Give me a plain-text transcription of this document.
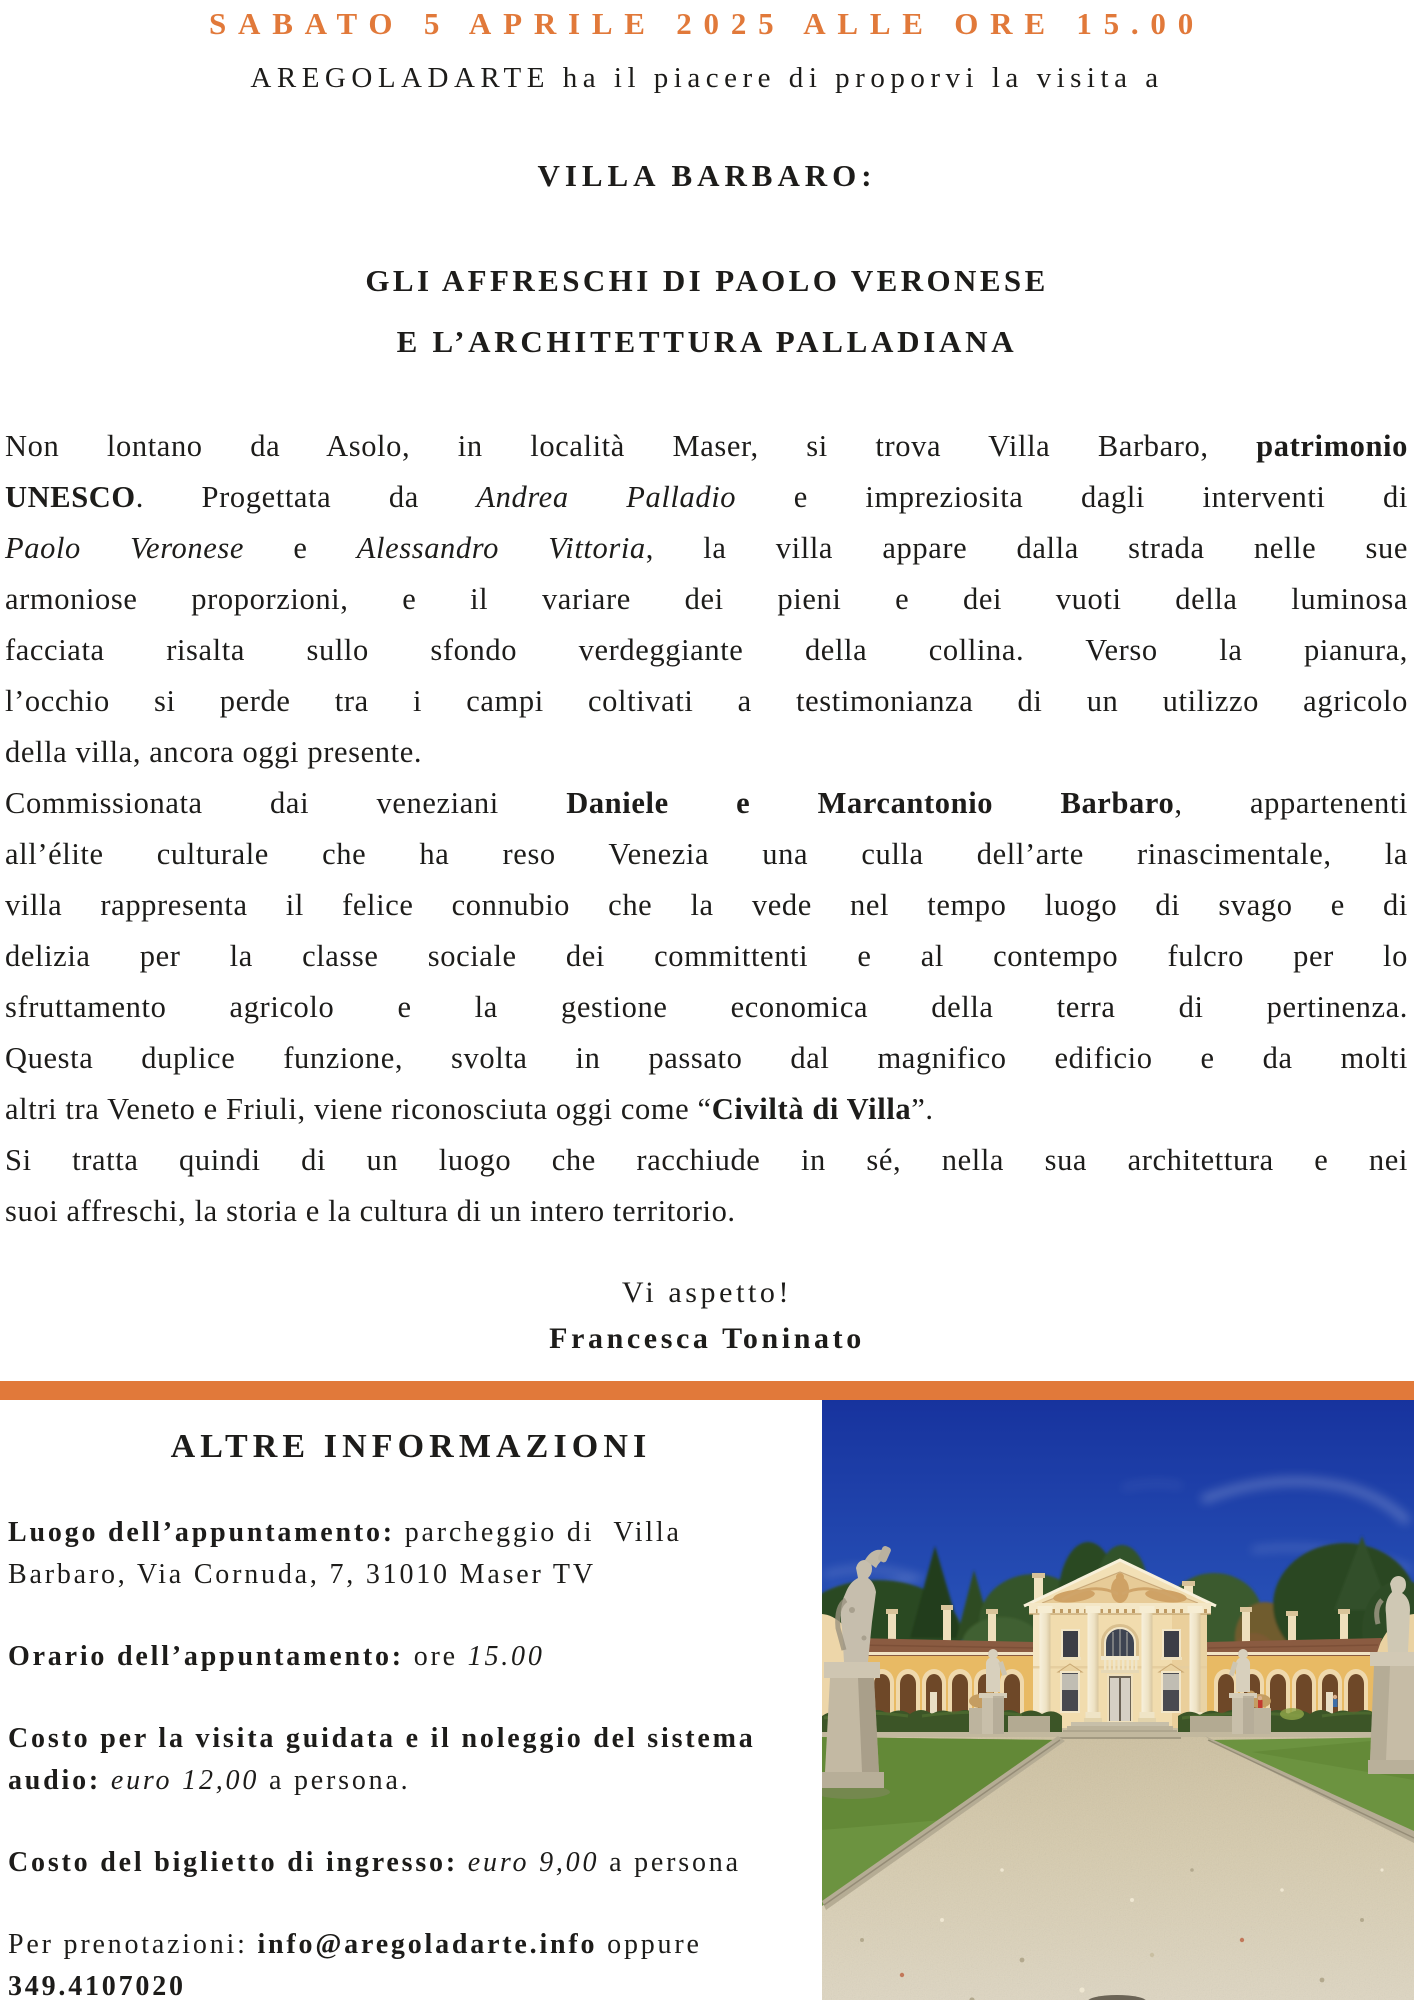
SABATO 5 APRILE 2025 ALLE ORE 15.00
AREGOLADARTE ha il piacere di proporvi la visita a
VILLA BARBARO:
GLI AFFRESCHI DI PAOLO VERONESE
E L’ARCHITETTURA PALLADIANA
Non lontano da Asolo, in località Maser, si trova Villa Barbaro, patrimonio
UNESCO. Progettata da Andrea Palladio e impreziosita dagli interventi di
Paolo Veronese e Alessandro Vittoria, la villa appare dalla strada nelle sue
armoniose proporzioni, e il variare dei pieni e dei vuoti della luminosa
facciata risalta sullo sfondo verdeggiante della collina. Verso la pianura,
l’occhio si perde tra i campi coltivati a testimonianza di un utilizzo agricolo
della villa, ancora oggi presente.
Commissionata dai veneziani Daniele e Marcantonio Barbaro, appartenenti
all’élite culturale che ha reso Venezia una culla dell’arte rinascimentale, la
villa rappresenta il felice connubio che la vede nel tempo luogo di svago e di
delizia per la classe sociale dei committenti e al contempo fulcro per lo
sfruttamento agricolo e la gestione economica della terra di pertinenza.
Questa duplice funzione, svolta in passato dal magnifico edificio e da molti
altri tra Veneto e Friuli, viene riconosciuta oggi come “Civiltà di Villa”.
Si tratta quindi di un luogo che racchiude in sé, nella sua architettura e nei
suoi affreschi, la storia e la cultura di un intero territorio.
Vi aspetto!
Francesca Toninato
ALTRE INFORMAZIONI
Luogo dell’appuntamento: parcheggio di  Villa
Barbaro, Via Cornuda, 7, 31010 Maser TV
Orario dell’appuntamento: ore 15.00
Costo per la visita guidata e il noleggio del sistema
audio: euro 12,00 a persona.
Costo del biglietto di ingresso: euro 9,00 a persona
Per prenotazioni: info@aregoladarte.info oppure
349.4107020
